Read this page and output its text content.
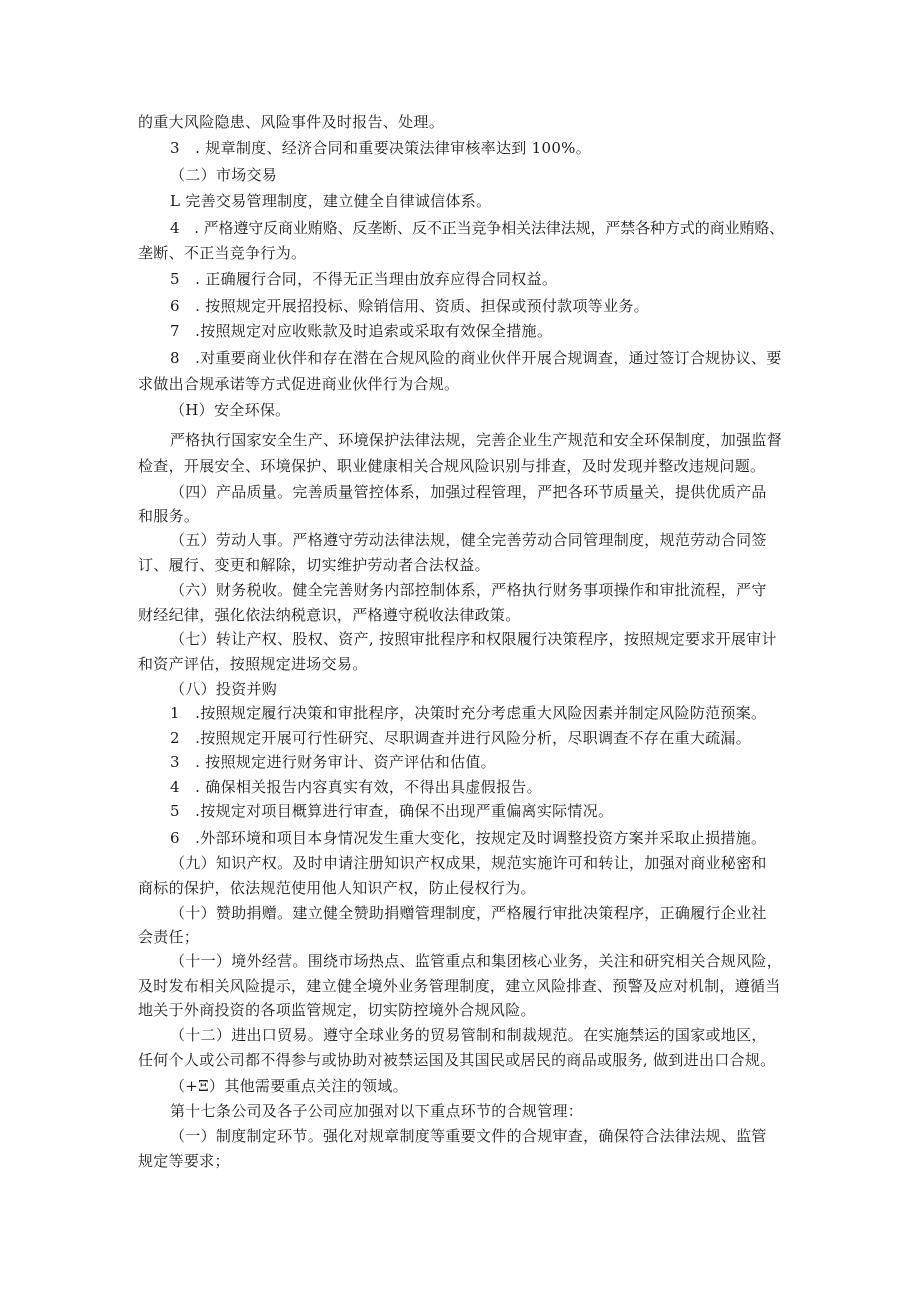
的重大风险隐患、风险事件及时报告、处理。
3　. 规章制度、经济合同和重要决策法律审核率达到 100%。
（二）市场交易
L 完善交易管理制度，建立健全自律诚信体系。
4　. 严格遵守反商业贿赂、反垄断、反不正当竞争相关法律法规，严禁各种方式的商业贿赂、
垄断、不正当竞争行为。
5　. 正确履行合同，不得无正当理由放弃应得合同权益。
6　. 按照规定开展招投标、赊销信用、资质、担保或预付款项等业务。
7　.按照规定对应收账款及时追索或采取有效保全措施。
8　.对重要商业伙伴和存在潜在合规风险的商业伙伴开展合规调查，通过签订合规协议、要
求做出合规承诺等方式促进商业伙伴行为合规。
（H）安全环保。
严格执行国家安全生产、环境保护法律法规，完善企业生产规范和安全环保制度，加强监督
检查，开展安全、环境保护、职业健康相关合规风险识别与排查，及时发现并整改违规问题。
（四）产品质量。完善质量管控体系，加强过程管理，严把各环节质量关，提供优质产品
和服务。
（五）劳动人事。严格遵守劳动法律法规，健全完善劳动合同管理制度，规范劳动合同签
订、履行、变更和解除，切实维护劳动者合法权益。
（六）财务税收。健全完善财务内部控制体系，严格执行财务事项操作和审批流程，严守
财经纪律，强化依法纳税意识，严格遵守税收法律政策。
（七）转让产权、股权、资产, 按照审批程序和权限履行决策程序，按照规定要求开展审计
和资产评估，按照规定进场交易。
（八）投资并购
1　.按照规定履行决策和审批程序，决策时充分考虑重大风险因素并制定风险防范预案。
2　.按照规定开展可行性研究、尽职调查并进行风险分析，尽职调查不存在重大疏漏。
3　. 按照规定进行财务审计、资产评估和估值。
4　. 确保相关报告内容真实有效，不得出具虚假报告。
5　.按规定对项目概算进行审查，确保不出现严重偏离实际情况。
6　.外部环境和项目本身情况发生重大变化，按规定及时调整投资方案并采取止损措施。
（九）知识产权。及时申请注册知识产权成果，规范实施许可和转让，加强对商业秘密和
商标的保护，依法规范使用他人知识产权，防止侵权行为。
（十）赞助捐赠。建立健全赞助捐赠管理制度，严格履行审批决策程序，正确履行企业社
会责任；
（十一）境外经营。围绕市场热点、监管重点和集团核心业务，关注和研究相关合规风险，
及时发布相关风险提示，建立健全境外业务管理制度，建立风险排查、预警及应对机制，遵循当
地关于外商投资的各项监管规定，切实防控境外合规风险。
（十二）进出口贸易。遵守全球业务的贸易管制和制裁规范。在实施禁运的国家或地区，
任何个人或公司都不得参与或协助对被禁运国及其国民或居民的商品或服务, 做到进出口合规。
（+Ξ）其他需要重点关注的领域。
第十七条公司及各子公司应加强对以下重点环节的合规管理：
（一）制度制定环节。强化对规章制度等重要文件的合规审查，确保符合法律法规、监管
规定等要求；
